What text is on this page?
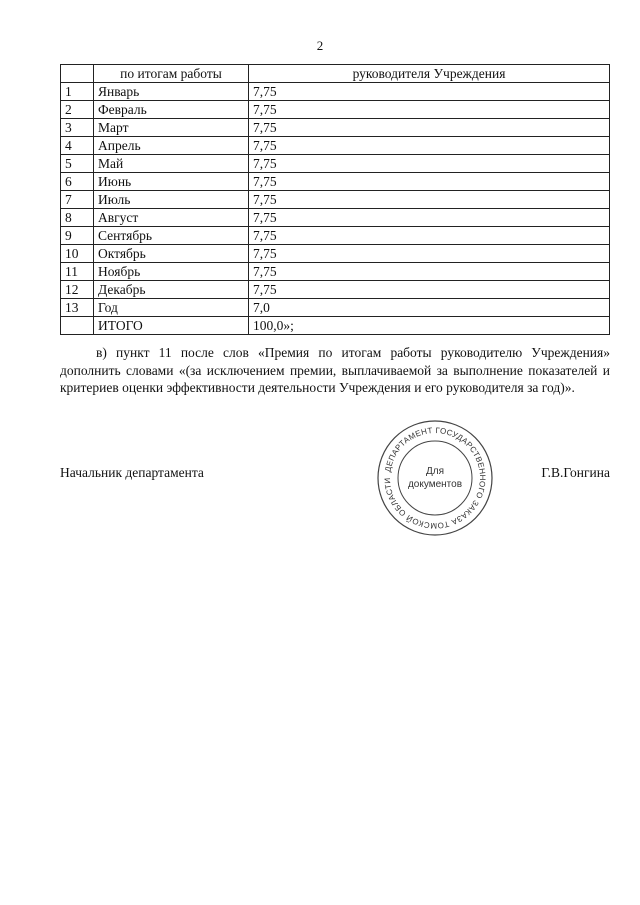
2
	по итогам работы	руководителя Учреждения
1	Январь	7,75
2	Февраль	7,75
3	Март	7,75
4	Апрель	7,75
5	Май	7,75
6	Июнь	7,75
7	Июль	7,75
8	Август	7,75
9	Сентябрь	7,75
10	Октябрь	7,75
11	Ноябрь	7,75
12	Декабрь	7,75
13	Год	7,0
	ИТОГО	100,0»;

в) пункт 11 после слов «Премия по итогам работы руководителю Учреждения» дополнить словами «(за исключением премии, выплачиваемой за выполнение показателей и критериев оценки эффективности деятельности Учреждения и его руководителя за год)».

Начальник департамента	Г.В.Гонгина
ДЕПАРТАМЕНТ ГОСУДАРСТВЕННОГО ЗАКАЗА ТОМСКОЙ ОБЛАСТИ
Для
документов
